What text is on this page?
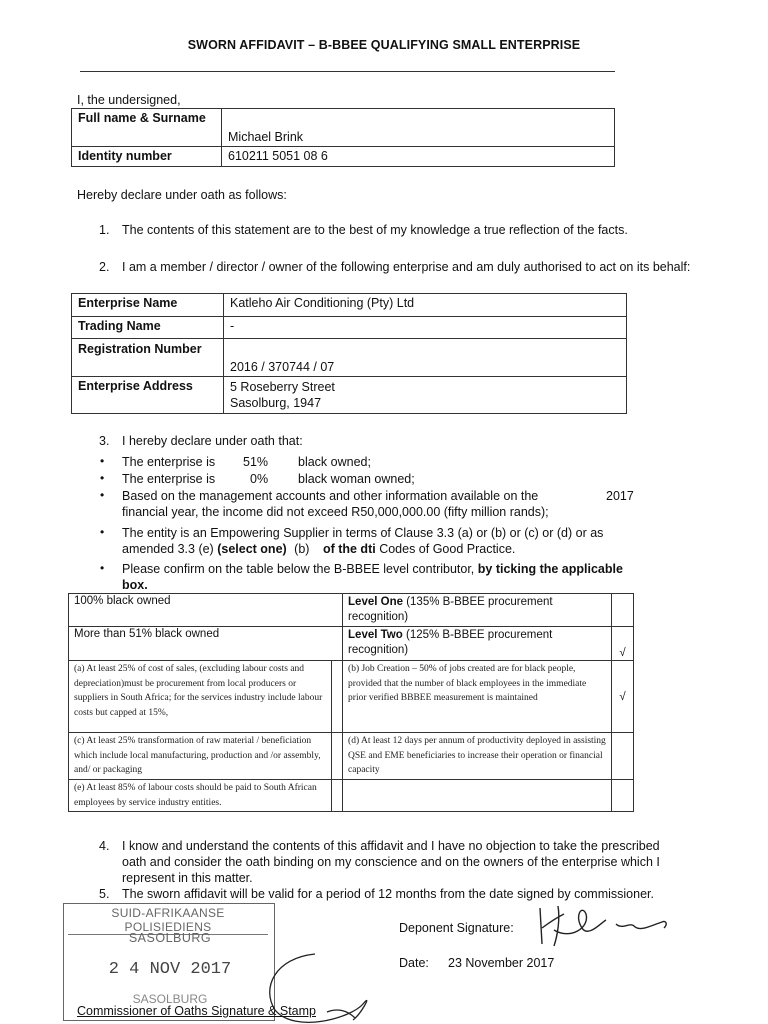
SWORN AFFIDAVIT – B-BBEE QUALIFYING SMALL ENTERPRISE
I, the undersigned,
Full name & Surname	Michael Brink
Identity number	610211 5051 08 6
Hereby declare under oath as follows:
1. The contents of this statement are to the best of my knowledge a true reflection of the facts.
2. I am a member / director / owner of the following enterprise and am duly authorised to act on its behalf:
Enterprise Name	Katleho Air Conditioning (Pty) Ltd
Trading Name	-
Registration Number	2016 / 370744 / 07
Enterprise Address	5 Roseberry Street
Sasolburg, 1947
3. I hereby declare under oath that:
• The enterprise is 51% black owned;
• The enterprise is	0% black woman owned;
• Based on the management accounts and other information available on the	2017
financial year, the income did not exceed R50,000,000.00 (fifty million rands);
• The entity is an Empowering Supplier in terms of Clause 3.3 (a) or (b) or (c) or (d) or as
amended 3.3 (e) (select one) (b) of the dti Codes of Good Practice.
• Please confirm on the table below the B-BBEE level contributor, by ticking the applicable
box.
100% black owned		Level One (135% B-BBEE procurement recognition)	
More than 51% black owned		Level Two (125% B-BBEE procurement recognition)	√
(a) At least 25% of cost of sales, (excluding labour costs and depreciation)must be procurement from local producers or suppliers in South Africa; for the services industry include labour costs but capped at 15%,		(b) Job Creation – 50% of jobs created are for black people, provided that the number of black employees in the immediate prior verified BBBEE measurement is maintained	√
(c) At least 25% transformation of raw material / beneficiation which include local manufacturing, production and /or assembly, and/ or packaging		(d) At least 12 days per annum of productivity deployed in assisting QSE and EME beneficiaries to increase their operation or financial capacity	
(e) At least 85% of labour costs should be paid to South African employees by service industry entities.			
4. I know and understand the contents of this affidavit and I have no objection to take the prescribed oath and consider the oath binding on my conscience and on the owners of the enterprise which I represent in this matter.
5. The sworn affidavit will be valid for a period of 12 months from the date signed by commissioner.
SUID-AFRIKAANSE POLISIEDIENS
SASOLBURG
2 4 NOV 2017
SASOLBURG
Deponent Signature:
Date: 23 November 2017
Commissioner of Oaths Signature & Stamp
